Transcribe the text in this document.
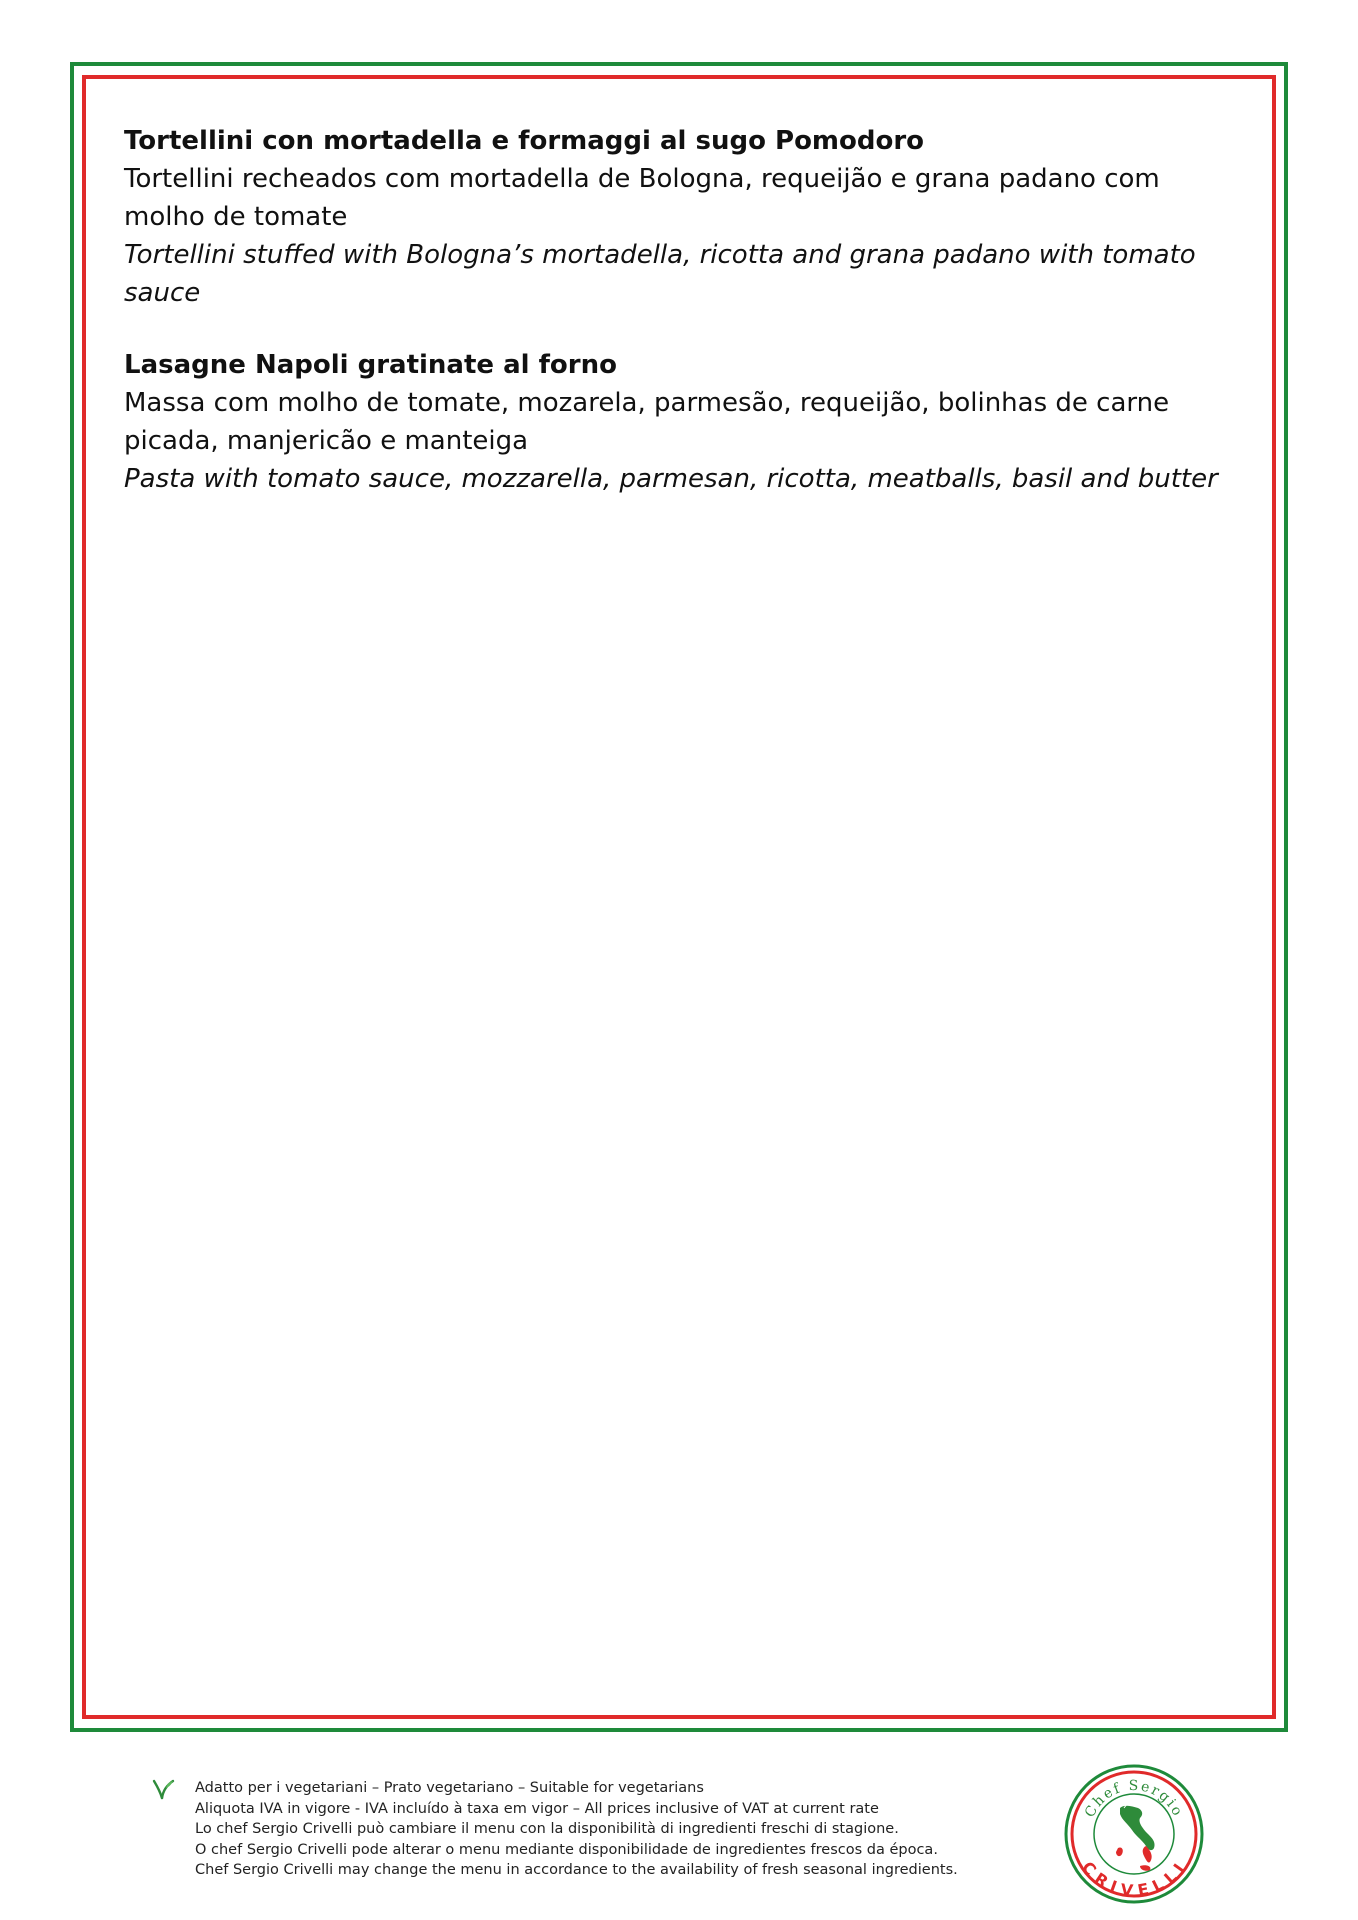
Tortellini con mortadella e formaggi al sugo Pomodoro
Tortellini recheados com mortadella de Bologna, requeijão e grana padano com molho de tomate
Tortellini stuffed with Bologna’s mortadella, ricotta and grana padano with tomato sauce
Lasagne Napoli gratinate al forno
Massa com molho de tomate, mozarela, parmesão, requeijão, bolinhas de carne picada, manjericão e manteiga
Pasta with tomato sauce, mozzarella, parmesan, ricotta, meatballs, basil and butter
Adatto per i vegetariani – Prato vegetariano – Suitable for vegetarians
Aliquota IVA in vigore - IVA incluído à taxa em vigor – All prices inclusive of VAT at current rate
Lo chef Sergio Crivelli può cambiare il menu con la disponibilità di ingredienti freschi di stagione.
O chef Sergio Crivelli pode alterar o menu mediante disponibilidade de ingredientes frescos da época.
Chef Sergio Crivelli may change the menu in accordance to the availability of fresh seasonal ingredients.
Chef Sergio
CRIVELLI
